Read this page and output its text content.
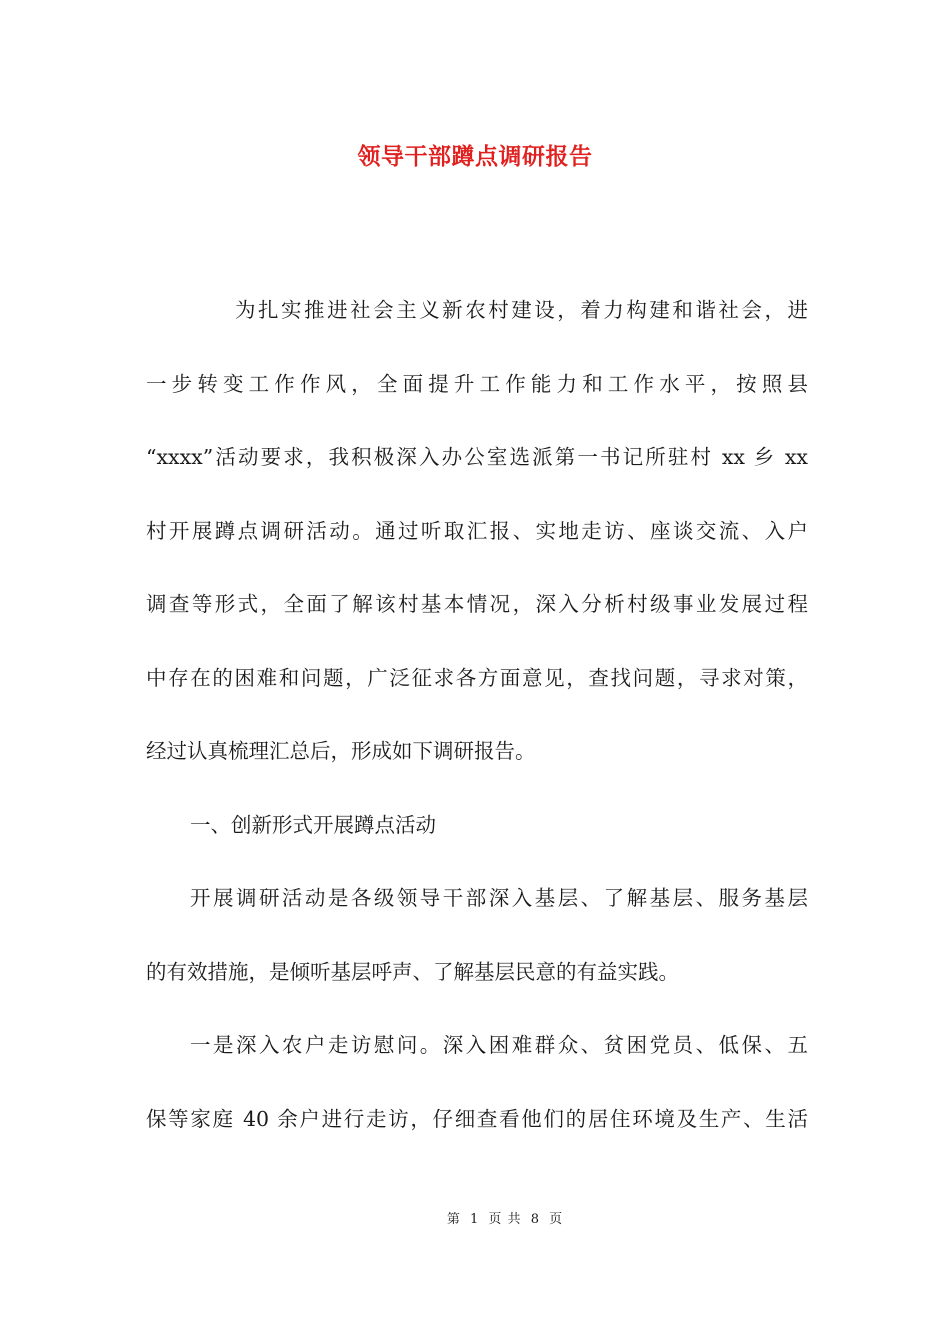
领导干部蹲点调研报告
为扎实推进社会主义新农村建设，着力构建和谐社会，进
一步转变工作作风，全面提升工作能力和工作水平，按照县
“xxxx”活动要求，我积极深入办公室选派第一书记所驻村 xx 乡 xx
村开展蹲点调研活动。通过听取汇报、实地走访、座谈交流、入户
调查等形式，全面了解该村基本情况，深入分析村级事业发展过程
中存在的困难和问题，广泛征求各方面意见，查找问题，寻求对策，
经过认真梳理汇总后，形成如下调研报告。
一、创新形式开展蹲点活动
开展调研活动是各级领导干部深入基层、了解基层、服务基层
的有效措施，是倾听基层呼声、了解基层民意的有益实践。
一是深入农户走访慰问。深入困难群众、贫困党员、低保、五
保等家庭 40 余户进行走访，仔细查看他们的居住环境及生产、生活
第 1 页 共 8 页
